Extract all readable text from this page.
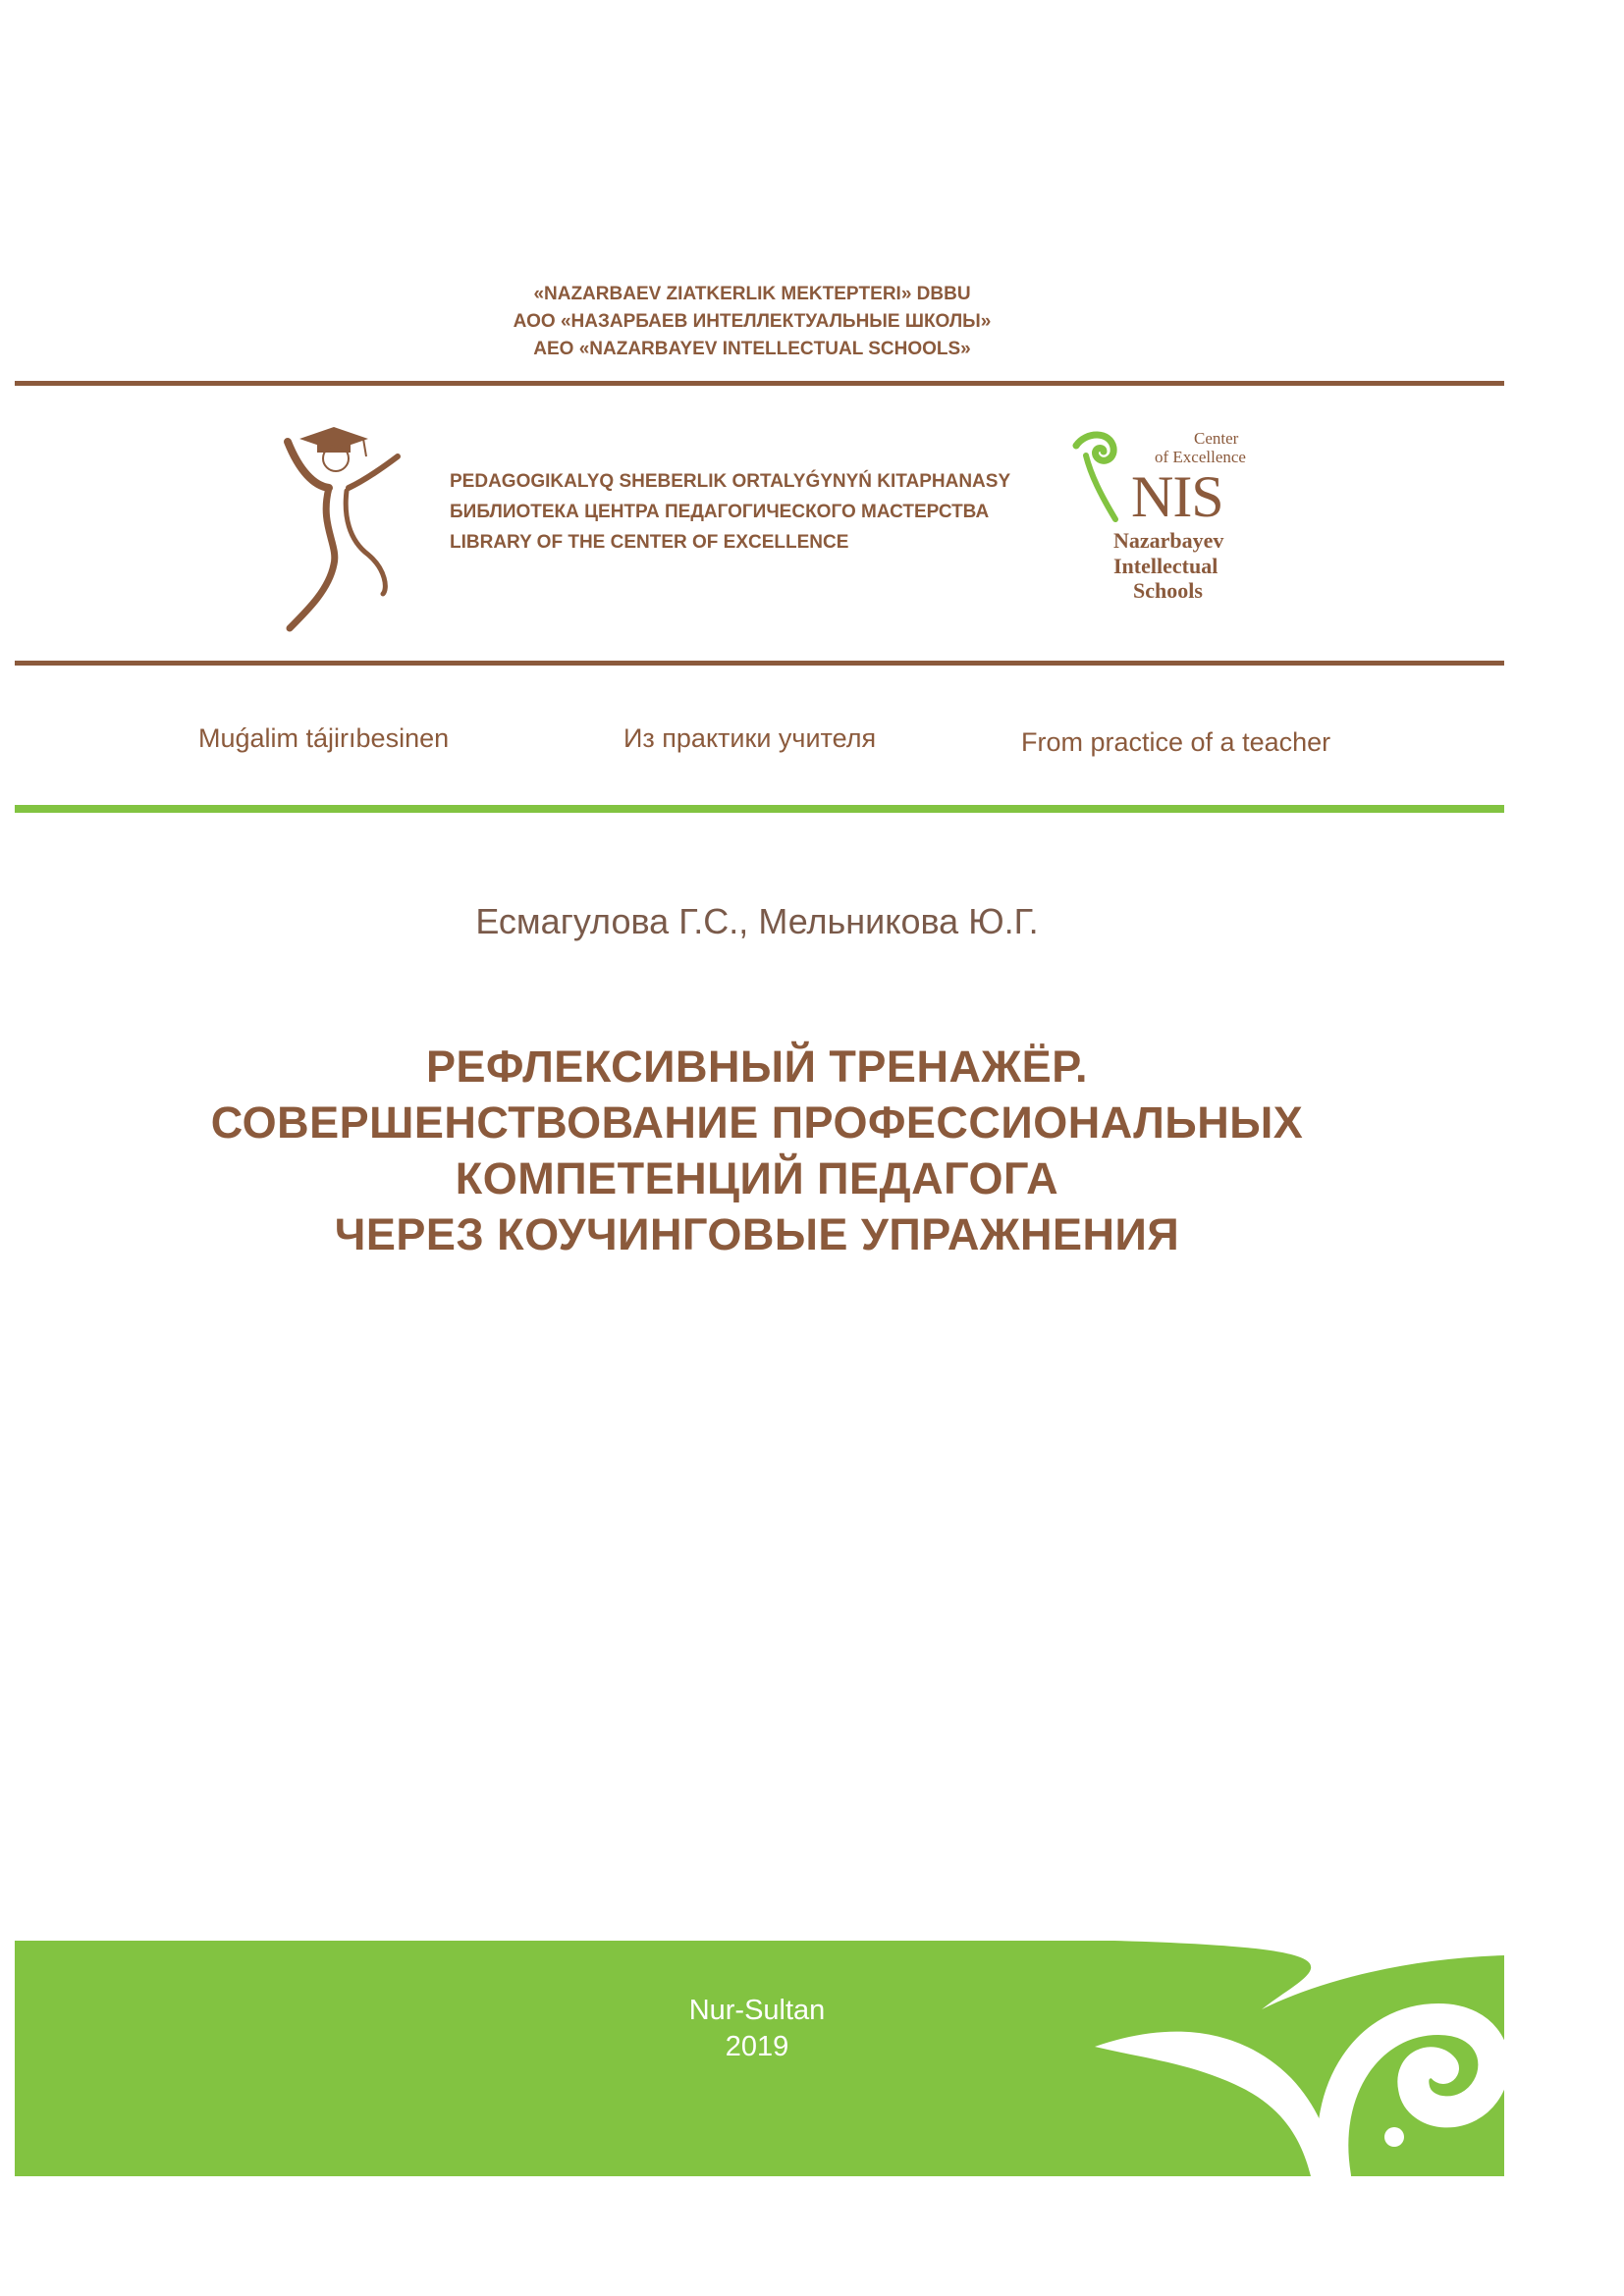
«NAZARBAEV ZIATKERLIK MEKTEPTERI» DBBU
АОО «НАЗАРБАЕВ ИНТЕЛЛЕКТУАЛЬНЫЕ ШКОЛЫ»
AEO «NAZARBAYEV INTELLECTUAL SCHOOLS»
PEDAGOGIKALYQ SHEBERLIK ORTALYǴYNYŃ KITAPHANASY
БИБЛИОТЕКА ЦЕНТРА ПЕДАГОГИЧЕСКОГО МАСТЕРСТВА
LIBRARY OF THE CENTER OF EXCELLENCE
Center
of Excellence
NIS
Nazarbayev
Intellectual
Schools
Muǵalim tájirıbesinen	Из практики учителя	From practice of a teacher
Есмагулова Г.С., Мельникова Ю.Г.
РЕФЛЕКСИВНЫЙ ТРЕНАЖЁР.
СОВЕРШЕНСТВОВАНИЕ ПРОФЕССИОНАЛЬНЫХ
КОМПЕТЕНЦИЙ ПЕДАГОГА
ЧЕРЕЗ КОУЧИНГОВЫЕ УПРАЖНЕНИЯ
Nur-Sultan
2019
